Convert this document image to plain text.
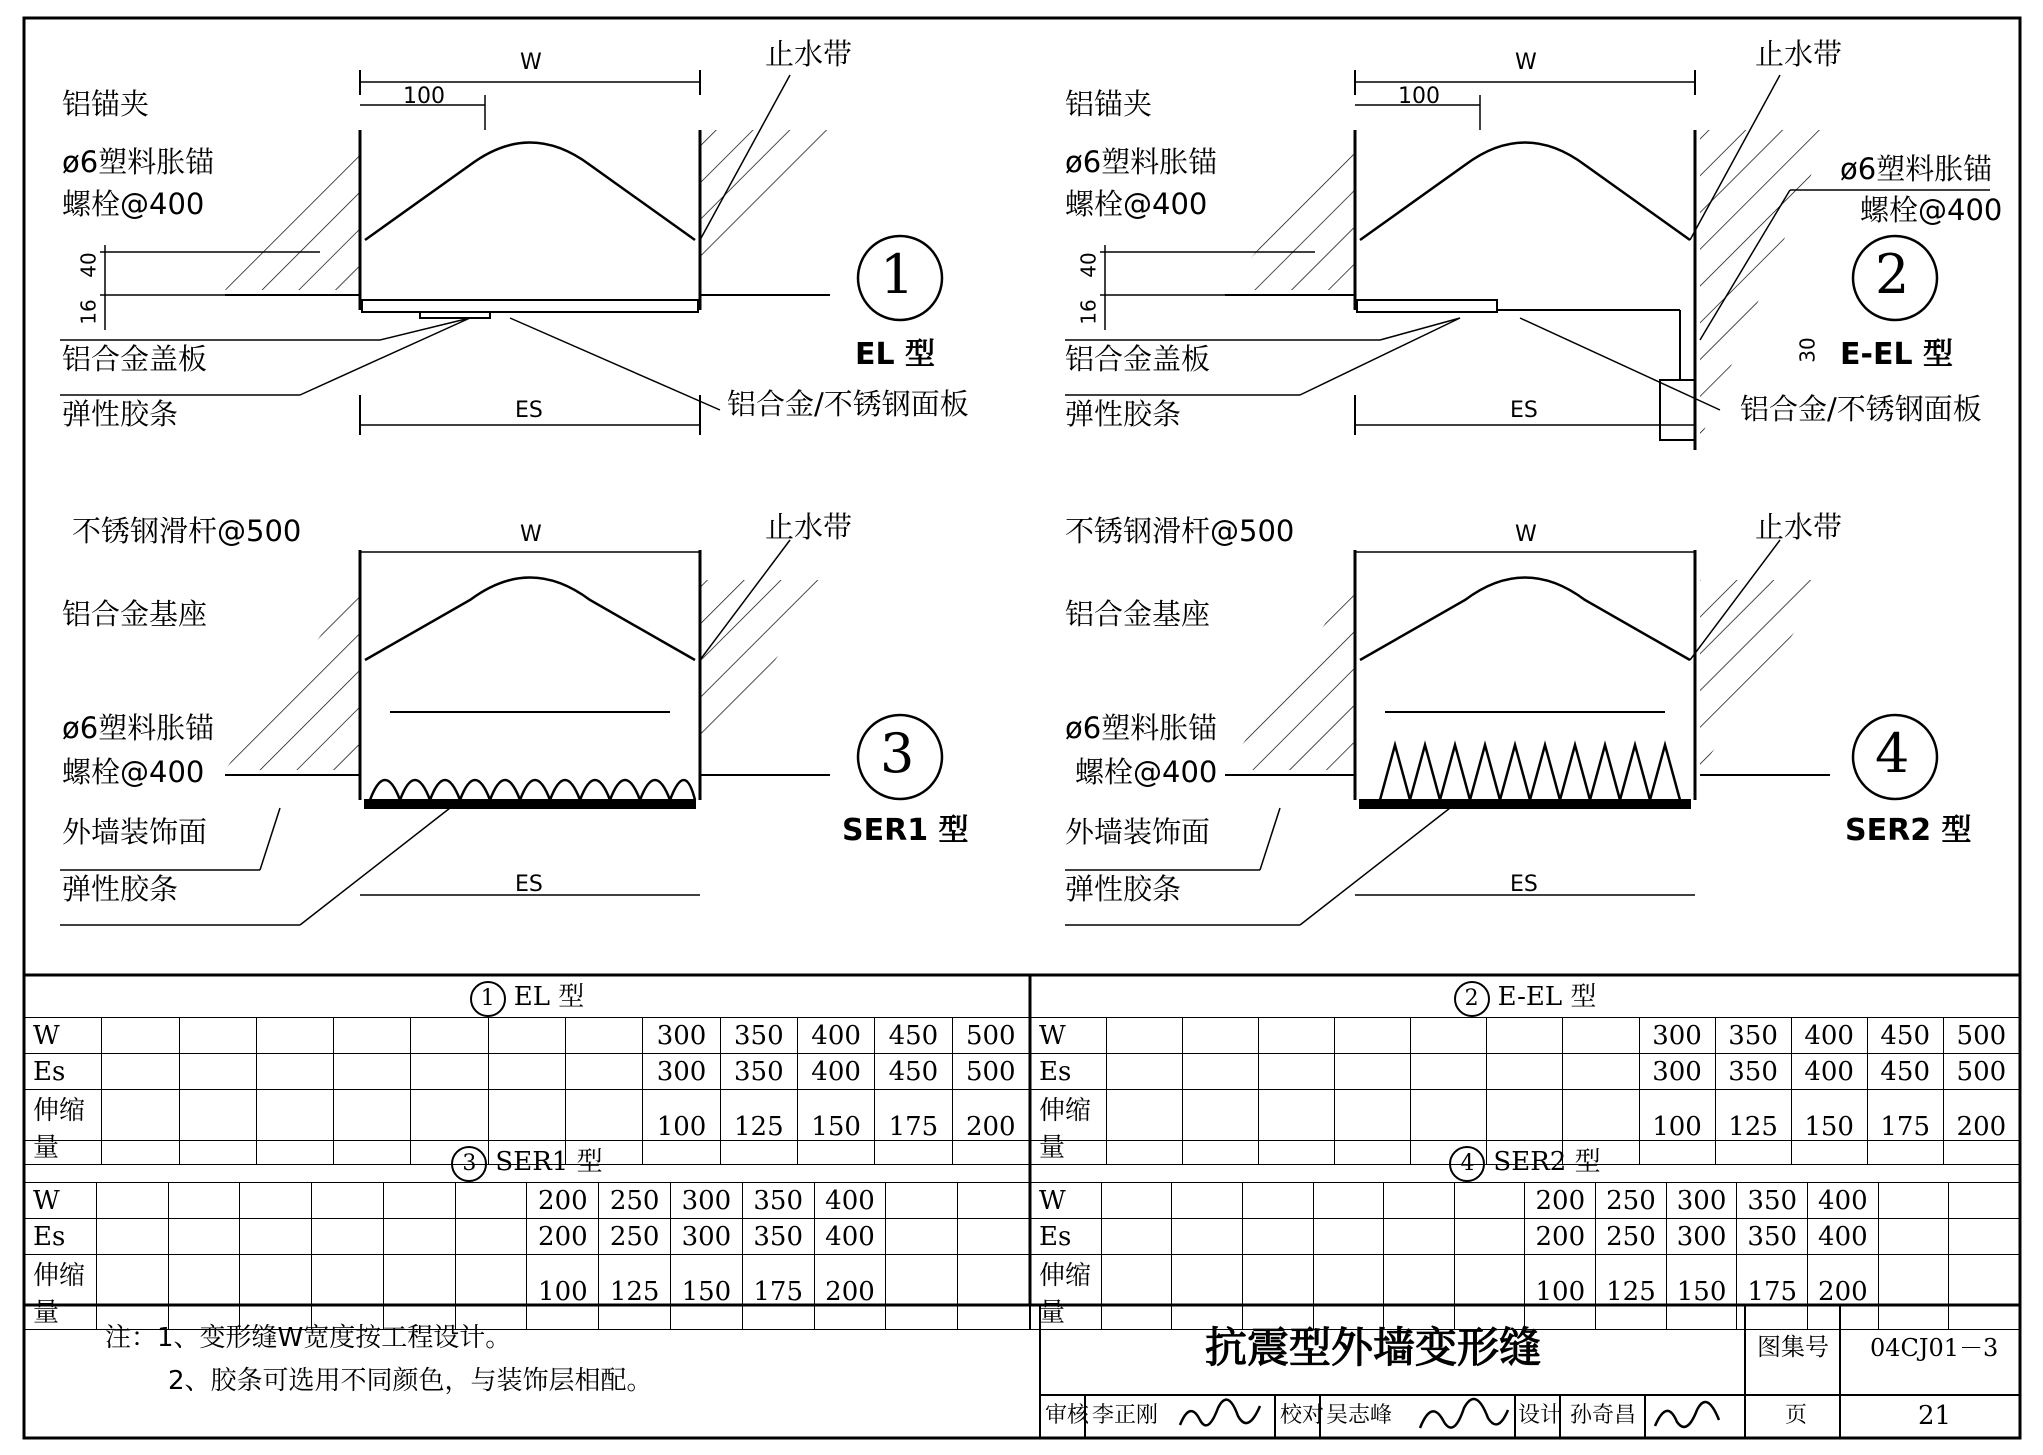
铝锚夹
ø6塑料胀锚
螺栓@400
铝合金盖板
弹性胶条	铝合金/不锈钢面板
止水带
W
100
40
16
ES
1
EL 型
铝锚夹
ø6塑料胀锚
螺栓@400
ø6塑料胀锚
螺栓@400
铝合金盖板
弹性胶条	铝合金/不锈钢面板
止水带
W
100
40
16
30
ES
2
E-EL 型
不锈钢滑杆@500
铝合金基座
ø6塑料胀锚
螺栓@400
外墙装饰面
弹性胶条
止水带
W
ES
3
SER1 型
不锈钢滑杆@500
铝合金基座
ø6塑料胀锚
螺栓@400
外墙装饰面
弹性胶条
止水带
W
ES
4
SER2 型
1 EL 型												
W								300	350	400	450	500
Es								300	350	400	450	500
伸缩量								100	125	150	175	200
2 E-EL 型												
W								300	350	400	450	500
Es								300	350	400	450	500
伸缩量								100	125	150	175	200
3 SER1 型													
W							200	250	300	350	400		
Es							200	250	300	350	400		
伸缩量							100	125	150	175	200		
4 SER2 型													
W							200	250	300	350	400		
Es							200	250	300	350	400		
伸缩量							100	125	150	175	200		
注：1、变形缝W宽度按工程设计。
2、胶条可选用不同颜色，与装饰层相配。
抗震型外墙变形缝	图集号 04CJ01－3
审核 李正刚	校对 吴志峰	设计 孙奇昌	页	21
